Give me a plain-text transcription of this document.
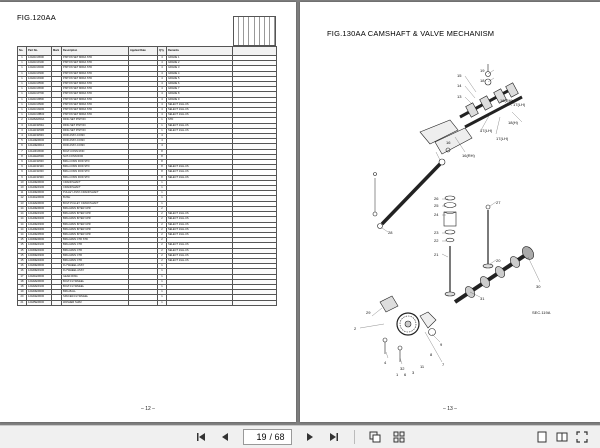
FIG.120AA
No.	Part No.	Mark	Description	Applied Date	Q'ty	Remarks	
1	12A01FW000		PISTON SET MRFA STD		4	GRADE 1	
1	12A01FW100		PISTON SET MRFA STD		4	GRADE 2	
1	12A01FW200		PISTON SET MRFA STD		4	GRADE 3	
1	12A01FW300		PISTON SET MRFA STD		4	GRADE 4	
1	12A01FW400		PISTON SET MRFA STD		4	GRADE 5	
1	12A01FW500		PISTON SET MRFA STD		4	GRADE 6	
1	12A01FW600		PISTON SET MRFA STD		4	GRADE 7	
1	12A01FW700		PISTON SET MRFA STD		4	GRADE 8	
1	12A01FW800		PISTON SET MRFA STD		4	GRADE 9	
1	12A01FW900		PISTON SET MRFA STD		4	SELECT 1GH-US	
1	12A01FWA00		PISTON SET MRFA STD		4	SELECT 1GH-US	
1	12A01FWB00		PISTON SET MRFA STD		4	SELECT 1GH-US	
2	12A08AW00A		RING SET PISTON		1	STD	
3	12A11FW00A		RING SET PISTON		1	SELECT 1GH-US	
3	12A11FW00B		RING SET PISTON		1	SELECT 1GH-US	
4	12A11FW00C		ROD ASSY-CONN		4		
5	12A10EW000		ROD ASSY-CONN		4		
6	12A10EW010		ROD ASSY-CONN		4		
7	12A10FW000		BOLT-CONN ROD		8		
8	12A11EW000		NUT-CONN ROD		8		
9	12A11FW000		BRG-CONN ROD STD		8		
9	12A11FW100		BRG-CONN ROD STD		8	SELECT 1GH-US	
9	12A11FW200		BRG-CONN ROD STD		8	SELECT 1GH-US	
9	12A11FW300		BRG-CONN ROD STD		8	SELECT 1GH-US	
10	12A20EW000		CRANKSHAFT		1		
10	12A20EW100		CRANKSHAFT		1		
11	12A30EW000		PULLEY ASSY-CRANKSHAFT		1		
12	12A31EW000		BUSH		1		
13	12A32EW000		BOLT-PULLEY CRANKSHAFT		1		
14	12A40EW000		BRG-MAIN INTER UPR		2		
14	12A40EW100		BRG-MAIN INTER UPR		2	SELECT 1GH-US	
14	12A40EW200		BRG-MAIN INTER UPR		2	SELECT 1GH-US	
14	12A40EW300		BRG-MAIN INTER UPR		2	SELECT 1GH-US	
14	12A40EW400		BRG-MAIN INTER UPR		2	SELECT 1GH-US	
14	12A40EW500		BRG-MAIN INTER UPR		2	SELECT 1GH-US	
15	12A50EW000		BRG-MAIN CTR STD		2		
15	12A50EW100		BRG-MAIN CTR		2	SELECT 1GH-US	
15	12A50EW200		BRG-MAIN CTR		2	SELECT 1GH-US	
15	12A50EW300		BRG-MAIN CTR		2	SELECT 1GH-US	
15	12A50EW400		BRG-MAIN CTR		2	SELECT 1GH-US	
16	12A60EW000		FLYWHEEL ASSY		1		
16	12A60EW100		FLYWHEEL ASSY		1		
17	12A61EW000		GEAR-RING		1		
18	12A62EW000		BOLT-FLYWHEEL		1		
18	12A62EW100		BOLT-FLYWHEEL		1		
19	12A63EW000		BRG-BALL		1		
20	12A64EW000		SPACER-FLYWHEEL		1		
21	12A65EW000		WASHER SHIM		1		
– 12 –
FIG.130AA CAMSHAFT & VALVE MECHANISM
19
18
17(LH)
16(RH)
15
14
13
17(LH)
18(H)
17(LH)
16(RH)
16
28
26
25
24
23
22
21
20
27
31
30
29
2
4
32
9
8
7
11
3
6
1
SEC.119A
– 13 –
19
/ 68
